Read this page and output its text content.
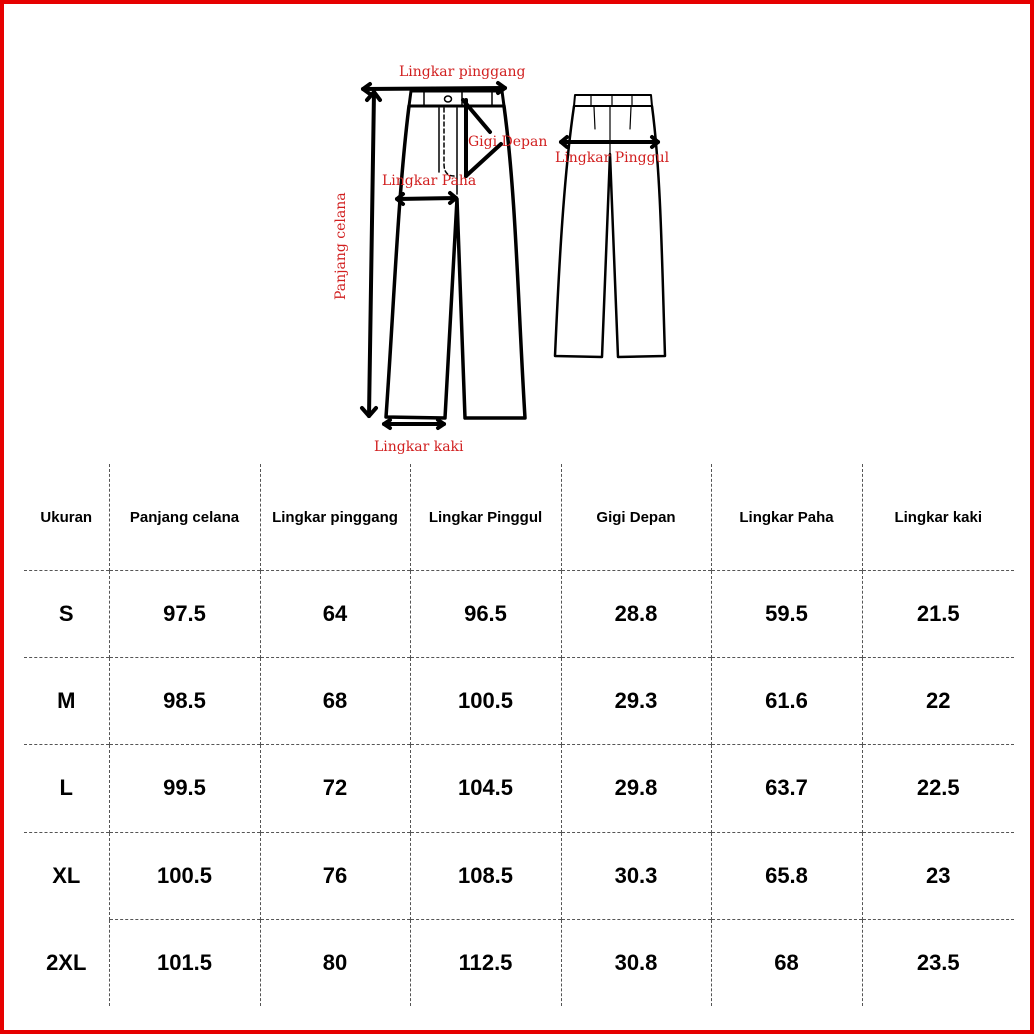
Lingkar pinggang
Gigi Depan
Lingkar Pinggul
Lingkar Paha
Panjang celana
Lingkar kaki
Ukuran	Panjang celana	Lingkar pinggang	Lingkar Pinggul	Gigi Depan	Lingkar Paha	Lingkar kaki
S	97.5	64	96.5	28.8	59.5	21.5
M	98.5	68	100.5	29.3	61.6	22
L	99.5	72	104.5	29.8	63.7	22.5
XL	100.5	76	108.5	30.3	65.8	23
2XL	101.5	80	112.5	30.8	68	23.5
